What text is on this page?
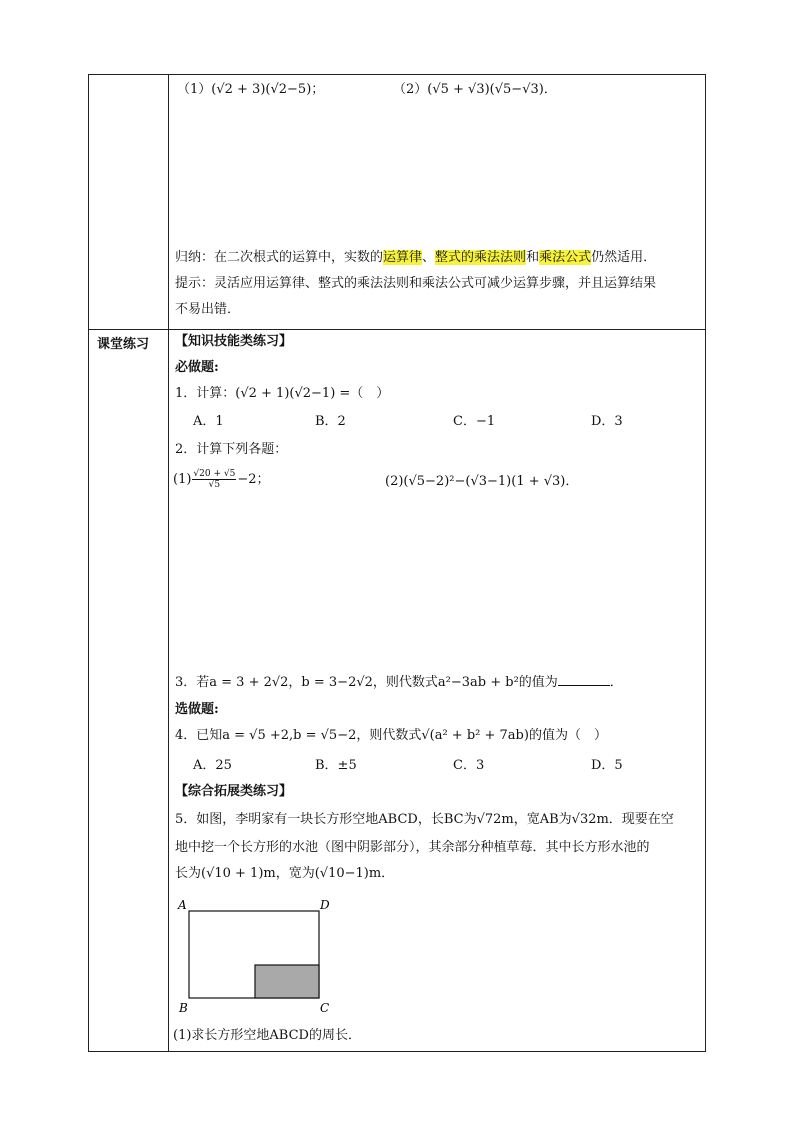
（1）(√2 + 3)(√2−5)；	（2）(√5 + √3)(√5−√3)．
归纳：在二次根式的运算中，实数的运算律、整式的乘法法则和乘法公式仍然适用．
提示：灵活应用运算律、整式的乘法法则和乘法公式可减少运算步骤，并且运算结果
不易出错．
课堂练习 【知识技能类练习】
必做题:
1．计算：(√2 + 1)(√2−1) =（　）
A．1	B．2	C．−1	D．3
2．计算下列各题：
$(1) \frac{√20 + √5}{√5} -2$；	(2)(√5−2)²−(√3−1)(1 + √3)．
3．若a = 3 + 2√2，b = 3−2√2，则代数式a²−3ab + b²的值为	．
选做题:
4．已知a = √5 +2,b = √5−2，则代数式√(a² + b² + 7ab)的值为（　）
A．25	B．±5	C．3	D．5
【综合拓展类练习】
5．如图，李明家有一块长方形空地ABCD，长BC为√72m，宽AB为√32m．现要在空
地中挖一个长方形的水池（图中阴影部分），其余部分种植草莓．其中长方形水池的
长为(√10 + 1)m，宽为(√10−1)m．
A	D
B	C
(1)求长方形空地ABCD的周长．
